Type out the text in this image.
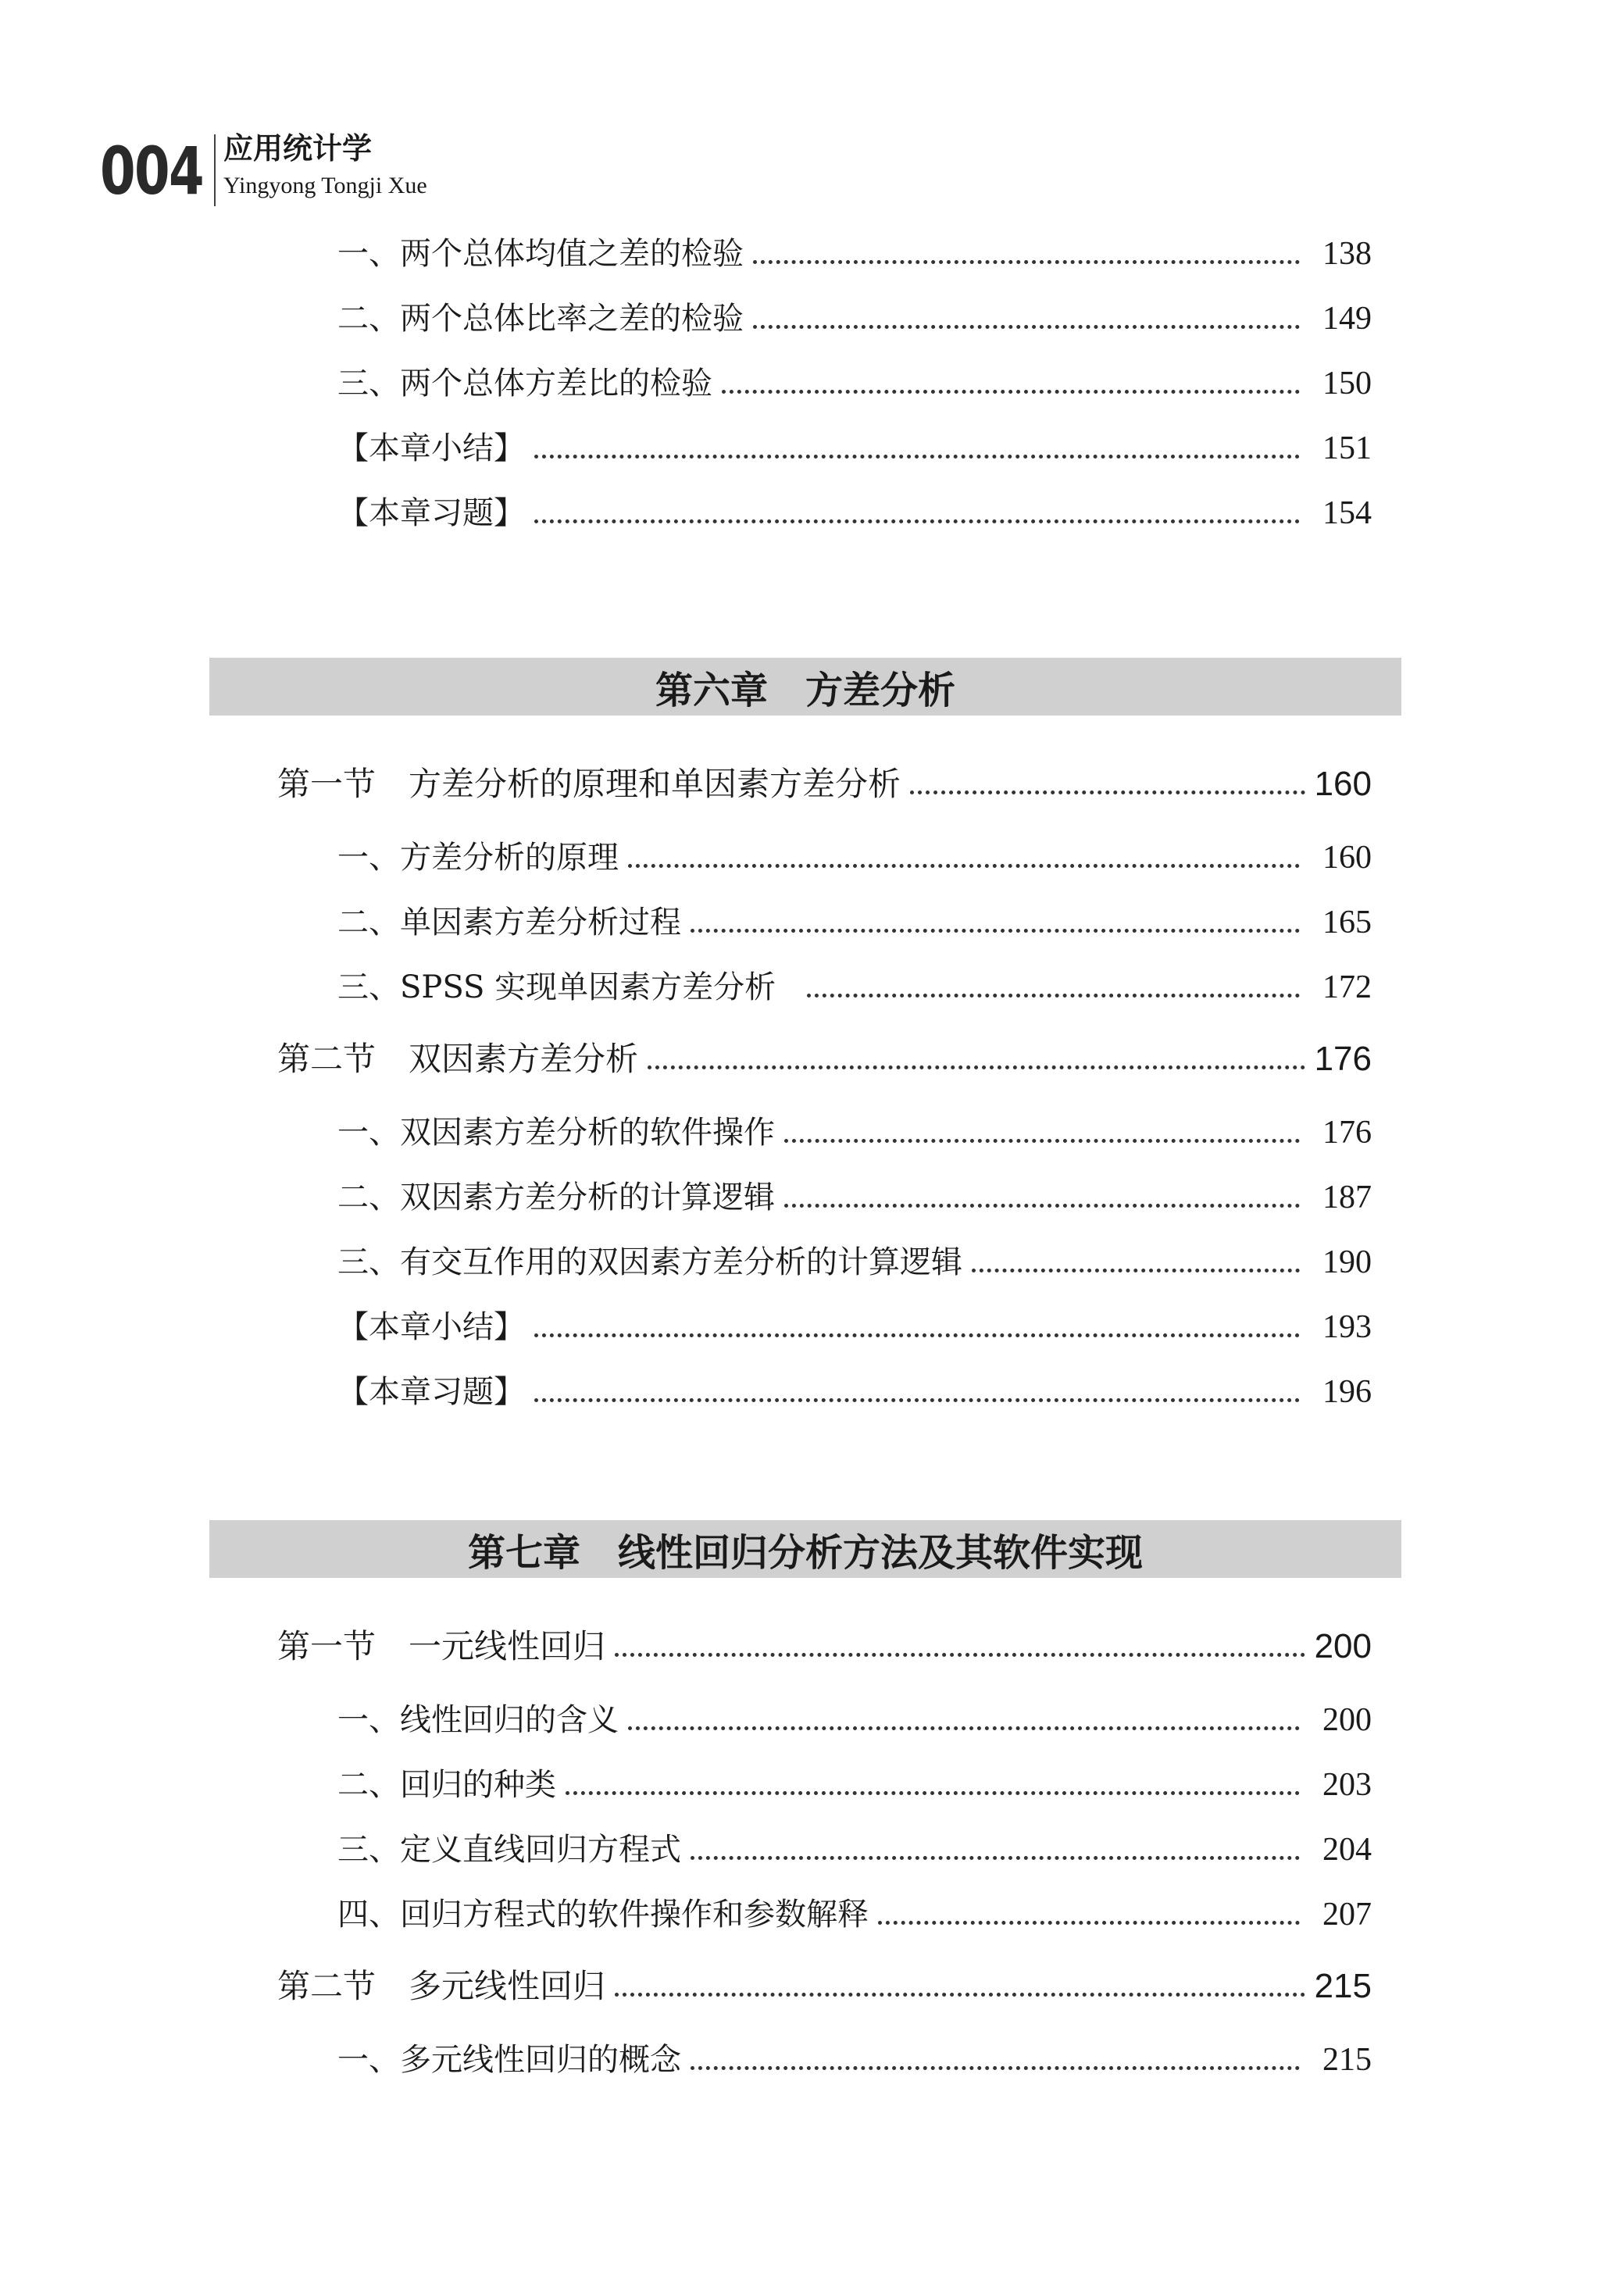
004 应用统计学
Yingyong Tongji Xue
一、两个总体均值之差的检验	138
二、两个总体比率之差的检验	149
三、两个总体方差比的检验	150
【本章小结】	151
【本章习题】	154
第六章　方差分析
第一节　方差分析的原理和单因素方差分析	160
一、方差分析的原理	160
二、单因素方差分析过程	165
三、SPSS 实现单因素方差分析	172
第二节　双因素方差分析	176
一、双因素方差分析的软件操作	176
二、双因素方差分析的计算逻辑	187
三、有交互作用的双因素方差分析的计算逻辑	190
【本章小结】	193
【本章习题】	196
第七章　线性回归分析方法及其软件实现
第一节　一元线性回归	200
一、线性回归的含义	200
二、回归的种类	203
三、定义直线回归方程式	204
四、回归方程式的软件操作和参数解释	207
第二节　多元线性回归	215
一、多元线性回归的概念	215
